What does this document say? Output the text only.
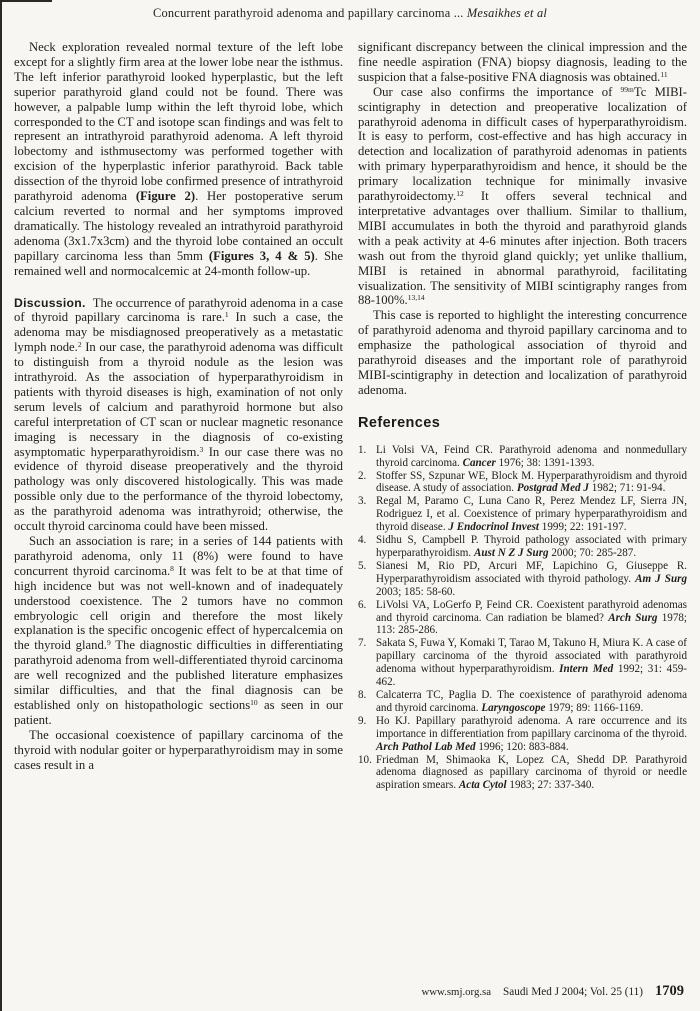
Concurrent parathyroid adenoma and papillary carcinoma ... Mesaikhes et al

Neck exploration revealed normal texture of the left lobe except for a slightly firm area at the lower lobe near the isthmus. The left inferior parathyroid looked hyperplastic, but the left superior parathyroid gland could not be found. There was however, a palpable lump within the left thyroid lobe, which corresponded to the CT and isotope scan findings and was felt to represent an intrathyroid parathyroid adenoma. A left thyroid lobectomy and isthmusectomy was performed together with excision of the hyperplastic inferior parathyroid. Back table dissection of the thyroid lobe confirmed presence of intrathyroid parathyroid adenoma (Figure 2). Her postoperative serum calcium reverted to normal and her symptoms improved dramatically. The histology revealed an intrathyroid parathyroid adenoma (3x1.7x3cm) and the thyroid lobe contained an occult papillary carcinoma less than 5mm (Figures 3, 4 & 5). She remained well and normocalcemic at 24-month follow-up.

Discussion. The occurrence of parathyroid adenoma in a case of thyroid papillary carcinoma is rare.$^1$ In such a case, the adenoma may be misdiagnosed preoperatively as a metastatic lymph node.$^2$ In our case, the parathyroid adenoma was difficult to distinguish from a thyroid nodule as the lesion was intrathyroid. As the association of hyperparathyroidism in patients with thyroid diseases is high, examination of not only serum levels of calcium and parathyroid hormone but also careful interpretation of CT scan or nuclear magnetic resonance imaging is necessary in the diagnosis of co-existing asymptomatic hyperparathyroidism.$^3$ In our case there was no evidence of thyroid disease preoperatively and the thyroid pathology was only discovered histologically. This was made possible only due to the performance of the thyroid lobectomy, as the parathyroid adenoma was intrathyroid; otherwise, the occult thyroid carcinoma could have been missed.

Such an association is rare; in a series of 144 patients with parathyroid adenoma, only 11 (8%) were found to have concurrent thyroid carcinoma.$^8$ It was felt to be at that time of high incidence but was not well-known and of inadequately understood coexistence. The 2 tumors have no common embryologic cell origin and therefore the most likely explanation is the specific oncogenic effect of hypercalcemia on the thyroid gland.$^9$ The diagnostic difficulties in differentiating parathyroid adenoma from well-differentiated thyroid carcinoma are well recognized and the published literature emphasizes similar difficulties, and that the final diagnosis can be established only on histopathologic sections$^{10}$ as seen in our patient.

The occasional coexistence of papillary carcinoma of the thyroid with nodular goiter or hyperparathyroidism may in some cases result in a

significant discrepancy between the clinical impression and the fine needle aspiration (FNA) biopsy diagnosis, leading to the suspicion that a false-positive FNA diagnosis was obtained.$^{11}$

Our case also confirms the importance of $^{99m}$Tc MIBI-scintigraphy in detection and preoperative localization of parathyroid adenoma in difficult cases of hyperparathyroidism. It is easy to perform, cost-effective and has high accuracy in detection and localization of parathyroid adenomas in patients with primary hyperparathyroidism and hence, it should be the primary localization technique for minimally invasive parathyroidectomy.$^{12}$ It offers several technical and interpretative advantages over thallium. Similar to thallium, MIBI accumulates in both the thyroid and parathyroid glands with a peak activity at 4-6 minutes after injection. Both tracers wash out from the thyroid gland quickly; yet unlike thallium, MIBI is retained in abnormal parathyroid, facilitating visualization. The sensitivity of MIBI scintigraphy ranges from 88-100%.$^{13,14}$

This case is reported to highlight the interesting concurrence of parathyroid adenoma and thyroid papillary carcinoma and to emphasize the pathological association of thyroid and parathyroid diseases and the important role of parathyroid MIBI-scintigraphy in detection and localization of parathyroid adenoma.

References

1. Li Volsi VA, Feind CR. Parathyroid adenoma and nonmedullary thyroid carcinoma. Cancer 1976; 38: 1391-1393.

2. Stoffer SS, Szpunar WE, Block M. Hyperparathyroidism and thyroid disease. A study of association. Postgrad Med J 1982; 71: 91-94.

3. Regal M, Paramo C, Luna Cano R, Perez Mendez LF, Sierra JN, Rodriguez I, et al. Coexistence of primary hyperparathyroidism and thyroid disease. J Endocrinol Invest 1999; 22: 191-197.

4. Sidhu S, Campbell P. Thyroid pathology associated with primary hyperparathyroidism. Aust N Z J Surg 2000; 70: 285-287.

5. Sianesi M, Rio PD, Arcuri MF, Lapichino G, Giuseppe R. Hyperparathyroidism associated with thyroid pathology. Am J Surg 2003; 185: 58-60.

6. LiVolsi VA, LoGerfo P, Feind CR. Coexistent parathyroid adenomas and thyroid carcinoma. Can radiation be blamed? Arch Surg 1978; 113: 285-286.

7. Sakata S, Fuwa Y, Komaki T, Tarao M, Takuno H, Miura K. A case of papillary carcinoma of the thyroid associated with parathyroid adenoma without hyperparathyroidism. Intern Med 1992; 31: 459-462.

8. Calcaterra TC, Paglia D. The coexistence of parathyroid adenoma and thyroid carcinoma. Laryngoscope 1979; 89: 1166-1169.

9. Ho KJ. Papillary parathyroid adenoma. A rare occurrence and its importance in differentiation from papillary carcinoma of the thyroid. Arch Pathol Lab Med 1996; 120: 883-884.

10. Friedman M, Shimaoka K, Lopez CA, Shedd DP. Parathyroid adenoma diagnosed as papillary carcinoma of thyroid or needle aspiration smears. Acta Cytol 1983; 27: 337-340.

www.smj.org.sa Saudi Med J 2004; Vol. 25 (11) 1709
